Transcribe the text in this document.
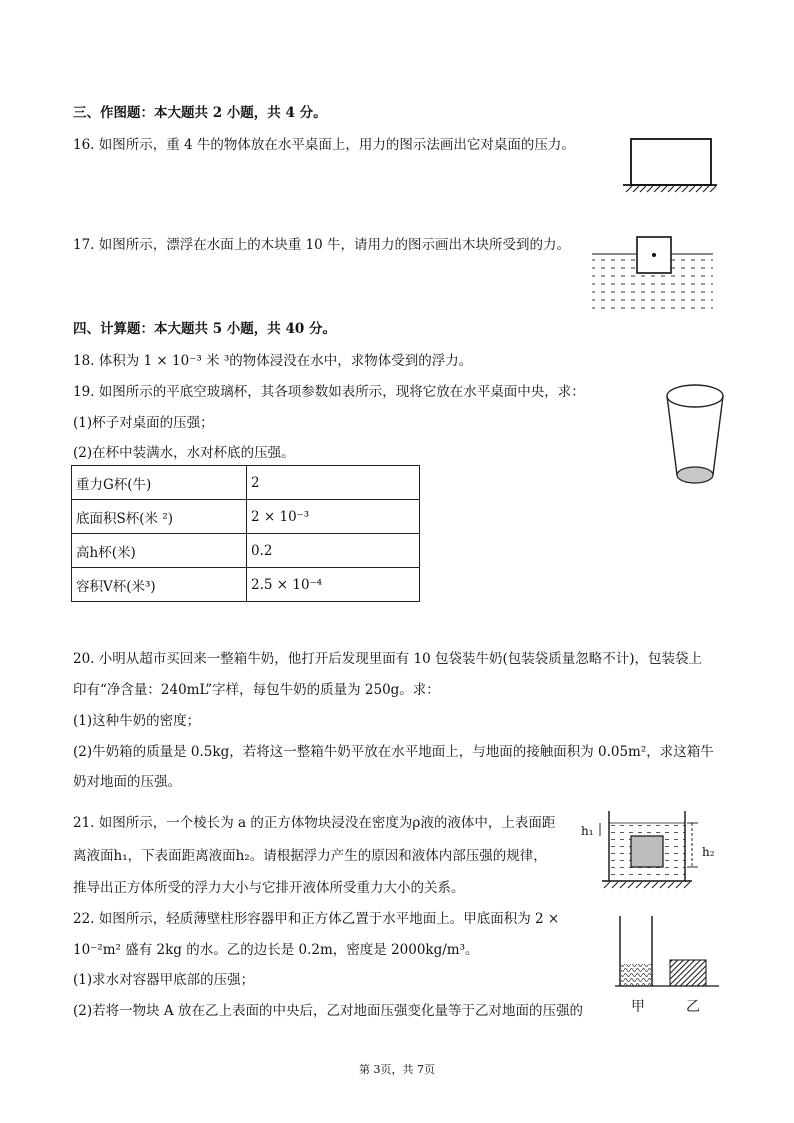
三、作图题：本大题共 2 小题，共 4 分。
16. 如图所示，重 4 牛的物体放在水平桌面上，用力的图示法画出它对桌面的压力。
17. 如图所示，漂浮在水面上的木块重 10 牛，请用力的图示画出木块所受到的力。
四、计算题：本大题共 5 小题，共 40 分。
18. 体积为 1 × 10⁻³ 米 ³的物体浸没在水中，求物体受到的浮力。
19. 如图所示的平底空玻璃杯，其各项参数如表所示，现将它放在水平桌面中央，求：
(1)杯子对桌面的压强；
(2)在杯中装满水，水对杯底的压强。
重力G杯(牛)	2
底面积S杯(米 ²)	2 × 10⁻³
高h杯(米)	0.2
容积V杯(米³)	2.5 × 10⁻⁴
20. 小明从超市买回来一整箱牛奶，他打开后发现里面有 10 包袋装牛奶(包装袋质量忽略不计)，包装袋上
印有“净含量：240mL”字样，每包牛奶的质量为 250g。求：
(1)这种牛奶的密度；
(2)牛奶箱的质量是 0.5kg，若将这一整箱牛奶平放在水平地面上，与地面的接触面积为 0.05m²，求这箱牛
奶对地面的压强。
21. 如图所示，一个棱长为 a 的正方体物块浸没在密度为ρ液的液体中，上表面距
离液面h₁，下表面距离液面h₂。请根据浮力产生的原因和液体内部压强的规律，
推导出正方体所受的浮力大小与它排开液体所受重力大小的关系。
h₁
h₂
22. 如图所示，轻质薄壁柱形容器甲和正方体乙置于水平地面上。甲底面积为 2 ×
10⁻²m² 盛有 2kg 的水。乙的边长是 0.2m，密度是 2000kg/m³。
(1)求水对容器甲底部的压强；
(2)若将一物块 A 放在乙上表面的中央后，乙对地面压强变化量等于乙对地面的压强的	甲	乙
第 3页，共 7页
